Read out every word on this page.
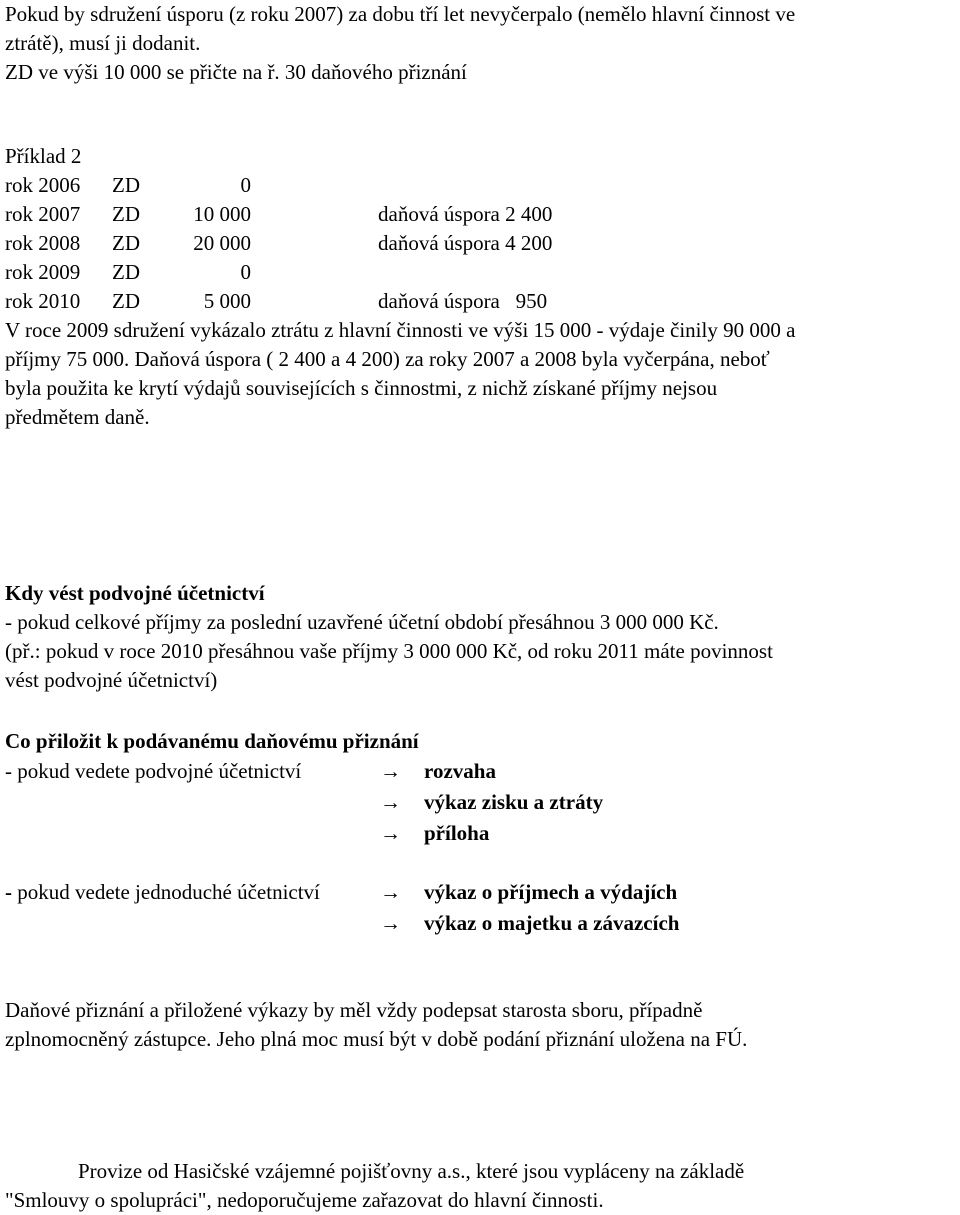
Pokud by sdružení úsporu (z roku 2007) za dobu tří let nevyčerpalo (nemělo hlavní činnost ve
ztrátě), musí ji dodanit.
ZD ve výši 10 000 se přičte na ř. 30 daňového přiznání
Příklad 2
rok 2006 ZD	0
rok 2007 ZD	10 000	daňová úspora 2 400
rok 2008 ZD	20 000	daňová úspora 4 200
rok 2009 ZD	0
rok 2010 ZD	5 000	daňová úspora   950
V roce 2009 sdružení vykázalo ztrátu z hlavní činnosti ve výši 15 000 - výdaje činily 90 000 a
příjmy 75 000. Daňová úspora ( 2 400 a 4 200) za roky 2007 a 2008 byla vyčerpána, neboť
byla použita ke krytí výdajů souvisejících s činnostmi, z nichž získané příjmy nejsou
předmětem daně.
Kdy vést podvojné účetnictví
- pokud celkové příjmy za poslední uzavřené účetní období přesáhnou 3 000 000 Kč.
(př.: pokud v roce 2010 přesáhnou vaše příjmy 3 000 000 Kč, od roku 2011 máte povinnost
vést podvojné účetnictví)
Co přiložit k podávanému daňovému přiznání
- pokud vedete podvojné účetnictví	→ rozvaha
→ výkaz zisku a ztráty
→ příloha
- pokud vedete jednoduché účetnictví	→ výkaz o příjmech a výdajích
→ výkaz o majetku a závazcích
Daňové přiznání a přiložené výkazy by měl vždy podepsat starosta sboru, případně
zplnomocněný zástupce. Jeho plná moc musí být v době podání přiznání uložena na FÚ.
Provize od Hasičské vzájemné pojišťovny a.s., které jsou vypláceny na základě
"Smlouvy o spolupráci", nedoporučujeme zařazovat do hlavní činnosti.
